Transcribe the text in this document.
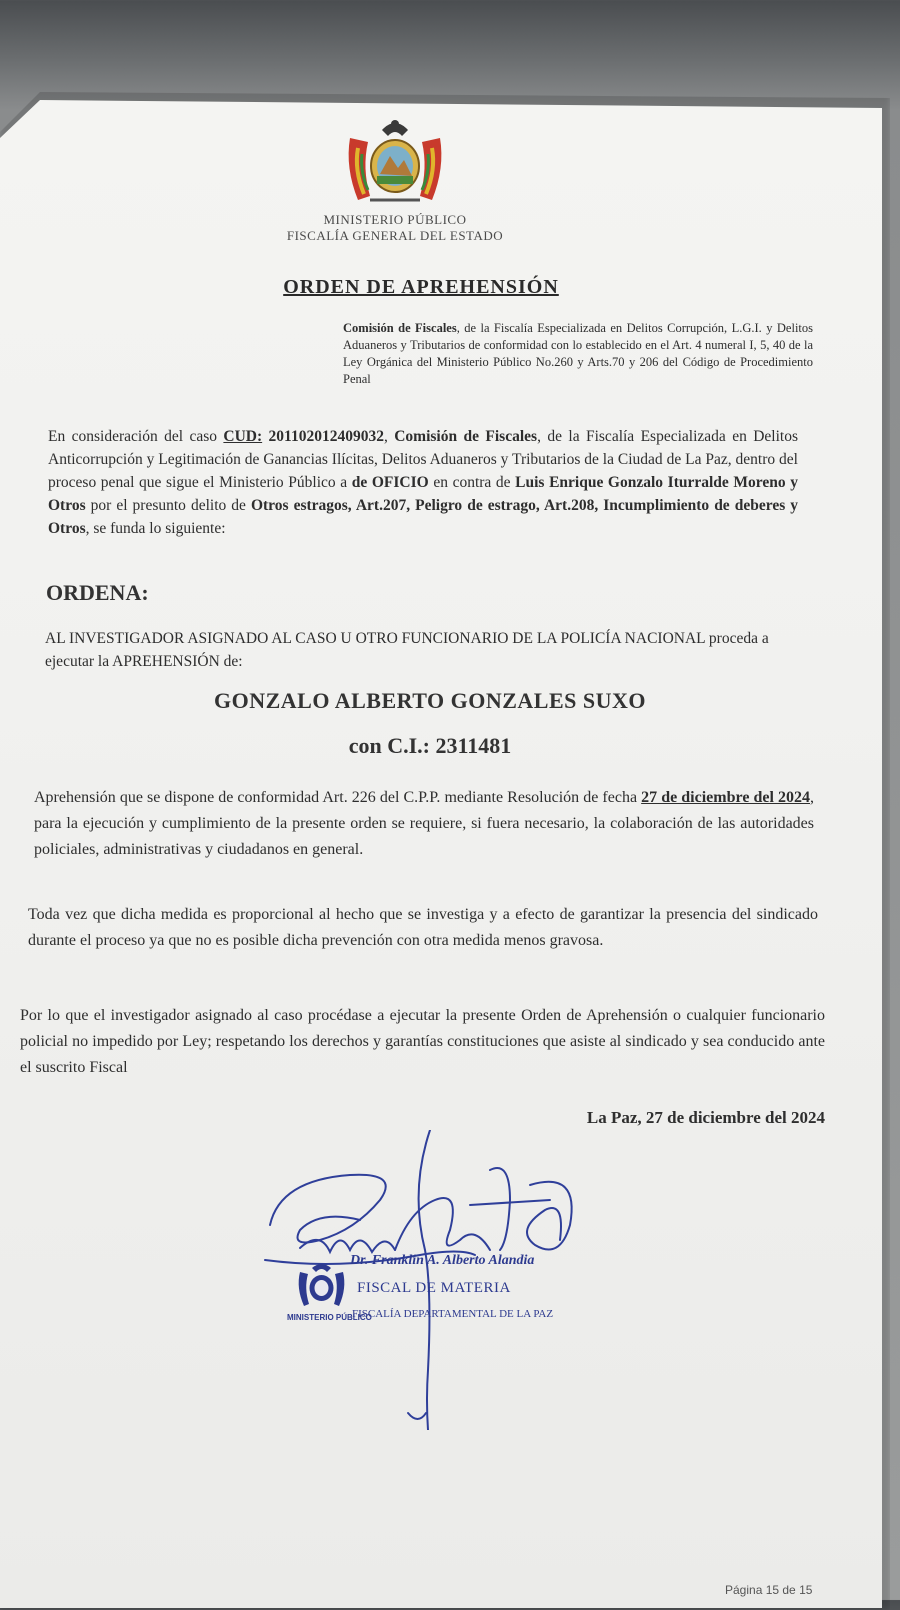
MINISTERIO PÚBLICO
FISCALÍA GENERAL DEL ESTADO
ORDEN DE APREHENSIÓN
Comisión de Fiscales, de la Fiscalía Especializada en Delitos Corrupción, L.G.I. y Delitos Aduaneros y Tributarios de conformidad con lo establecido en el Art. 4 numeral I, 5, 40 de la Ley Orgánica del Ministerio Público No.260 y Arts.70 y 206 del Código de Procedimiento Penal
En consideración del caso CUD: 201102012409032, Comisión de Fiscales, de la Fiscalía Especializada en Delitos Anticorrupción y Legitimación de Ganancias Ilícitas, Delitos Aduaneros y Tributarios de la Ciudad de La Paz, dentro del proceso penal que sigue el Ministerio Público a de OFICIO en contra de Luis Enrique Gonzalo Iturralde Moreno y Otros por el presunto delito de Otros estragos, Art.207, Peligro de estrago, Art.208, Incumplimiento de deberes y Otros, se funda lo siguiente:
ORDENA:
AL INVESTIGADOR ASIGNADO AL CASO U OTRO FUNCIONARIO DE LA POLICÍA NACIONAL proceda a ejecutar la APREHENSIÓN de:
GONZALO ALBERTO GONZALES SUXO
con C.I.: 2311481
Aprehensión que se dispone de conformidad Art. 226 del C.P.P. mediante Resolución de fecha 27 de diciembre del 2024, para la ejecución y cumplimiento de la presente orden se requiere, si fuera necesario, la colaboración de las autoridades policiales, administrativas y ciudadanos en general.
Toda vez que dicha medida es proporcional al hecho que se investiga y a efecto de garantizar la presencia del sindicado durante el proceso ya que no es posible dicha prevención con otra medida menos gravosa.
Por lo que el investigador asignado al caso procédase a ejecutar la presente Orden de Aprehensión o cualquier funcionario policial no impedido por Ley; respetando los derechos y garantías constituciones que asiste al sindicado y sea conducido ante el suscrito Fiscal
La Paz, 27 de diciembre del 2024
MINISTERIO PÚBLICO
Dr. Franklin A. Alberto Alandia
FISCAL DE MATERIA
FISCALÍA DEPARTAMENTAL DE LA PAZ
Página 15 de 15
